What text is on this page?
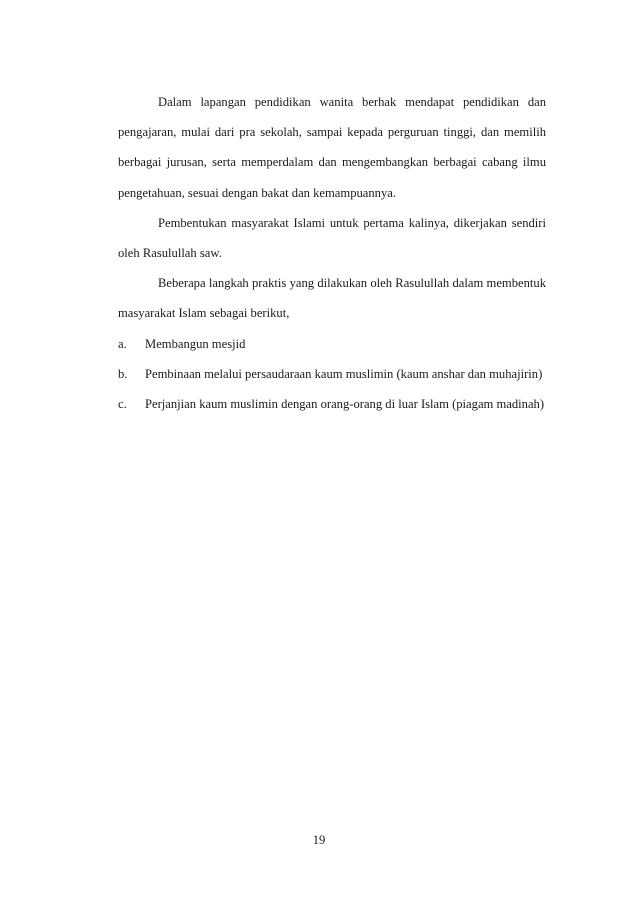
Dalam lapangan pendidikan wanita berhak mendapat pendidikan dan pengajaran, mulai dari pra sekolah, sampai kepada perguruan tinggi, dan memilih berbagai jurusan, serta memperdalam dan mengembangkan berbagai cabang ilmu pengetahuan, sesuai dengan bakat dan kemampuannya.

Pembentukan masyarakat Islami untuk pertama kalinya, dikerjakan sendiri oleh Rasulullah saw.

Beberapa langkah praktis yang dilakukan oleh Rasulullah dalam membentuk masyarakat Islam sebagai berikut,

a.	Membangun mesjid
b.	Pembinaan melalui persaudaraan kaum muslimin (kaum anshar dan muhajirin)
c.	Perjanjian kaum muslimin dengan orang-orang di luar Islam (piagam madinah)
19
